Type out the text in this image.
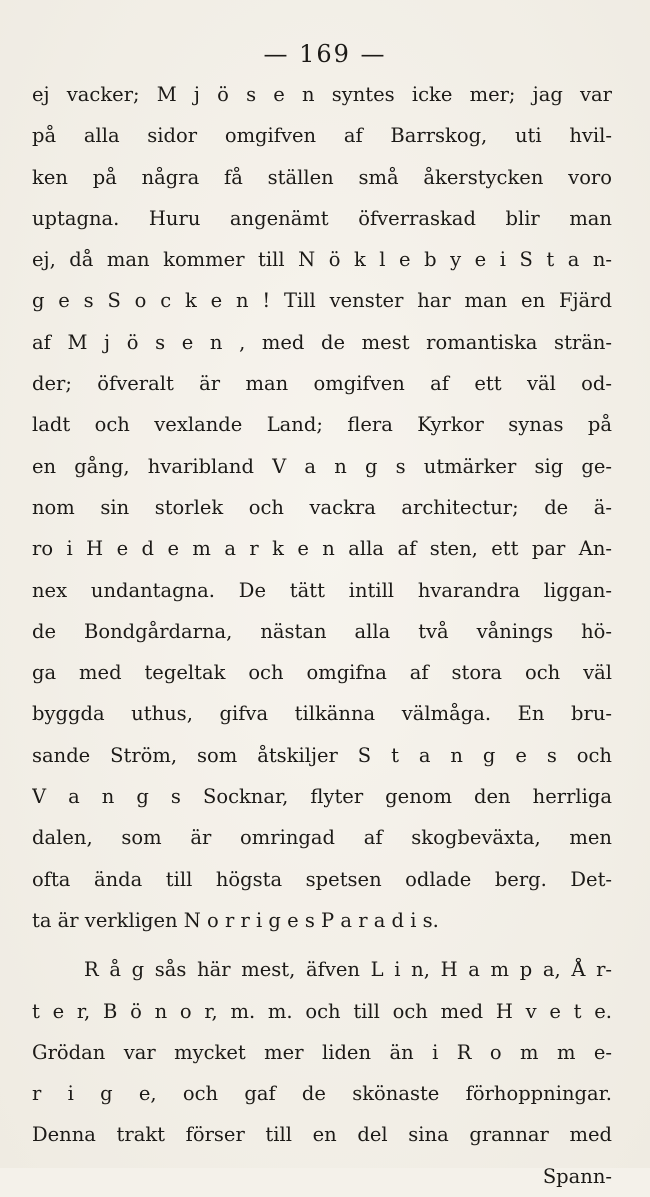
— 169 —
ej vacker; M j ö s e n syntes icke mer; jag var
på alla sidor omgifven af Barrskog, uti hvil-
ken på några få ställen små åkerstycken voro
uptagna. Huru angenämt öfverraskad blir man
ej, då man kommer till N ö k l e b y e i S t a n-
g e s S o c k e n ! Till venster har man en Fjärd
af M j ö s e n , med de mest romantiska strän-
der; öfveralt är man omgifven af ett väl od-
ladt och vexlande Land; flera Kyrkor synas på
en gång, hvaribland V a n g s utmärker sig ge-
nom sin storlek och vackra architectur; de ä-
ro i H e d e m a r k e n alla af sten, ett par An-
nex undantagna. De tätt intill hvarandra liggan-
de Bondgårdarna, nästan alla två vånings hö-
ga med tegeltak och omgifna af stora och väl
byggda uthus, gifva tilkänna välmåga. En bru-
sande Ström, som åtskiljer S t a n g e s och
V a n g s Socknar, flyter genom den herrliga
dalen, som är omringad af skogbeväxta, men
ofta ända till högsta spetsen odlade berg. Det-
ta är verkligen N o r r i g e s P a r a d i s.
R å g sås här mest, äfven L i n, H a m p a, Å r-
t e r, B ö n o r, m. m. och till och med H v e t e.
Grödan var mycket mer liden än i R o m m e-
r i g e, och gaf de skönaste förhoppningar.
Denna trakt förser till en del sina grannar med
Spann-
